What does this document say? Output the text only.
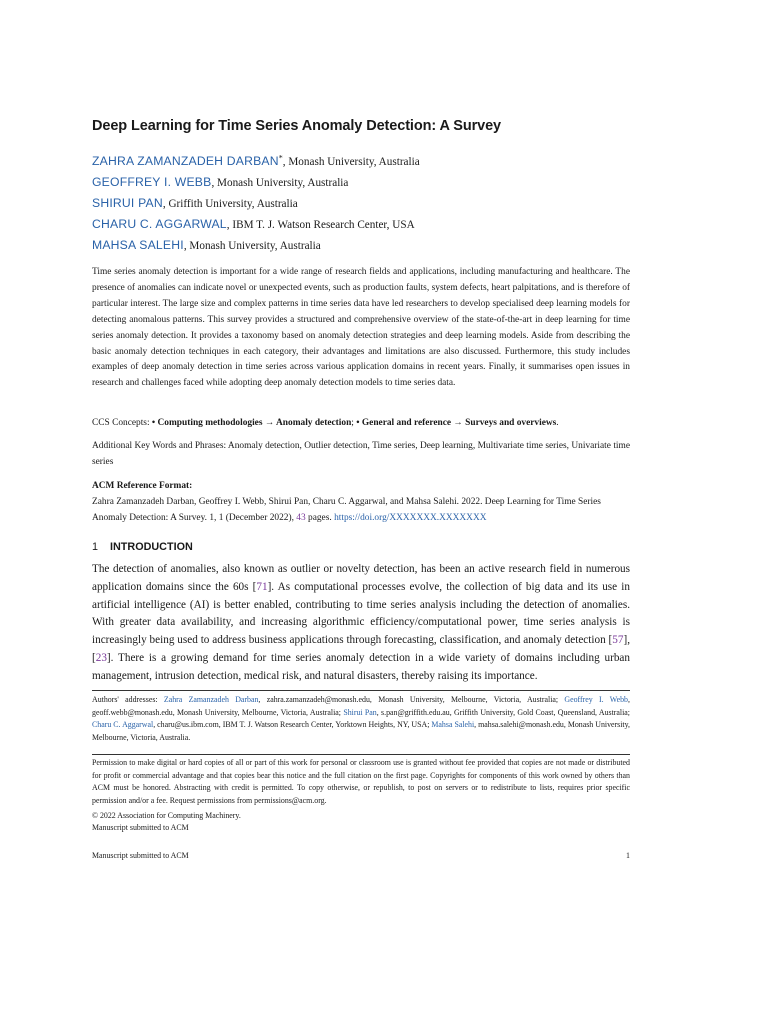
Deep Learning for Time Series Anomaly Detection: A Survey
ZAHRA ZAMANZADEH DARBAN*, Monash University, Australia
GEOFFREY I. WEBB, Monash University, Australia
SHIRUI PAN, Griffith University, Australia
CHARU C. AGGARWAL, IBM T. J. Watson Research Center, USA
MAHSA SALEHI, Monash University, Australia

Time series anomaly detection is important for a wide range of research fields and applications, including manufacturing and healthcare. The presence of anomalies can indicate novel or unexpected events, such as production faults, system defects, heart palpitations, and is therefore of particular interest. The large size and complex patterns in time series data have led researchers to develop specialised deep learning models for detecting anomalous patterns. This survey provides a structured and comprehensive overview of the state-of-the-art in deep learning for time series anomaly detection. It provides a taxonomy based on anomaly detection strategies and deep learning models. Aside from describing the basic anomaly detection techniques in each category, their advantages and limitations are also discussed. Furthermore, this study includes examples of deep anomaly detection in time series across various application domains in recent years. Finally, it summarises open issues in research and challenges faced while adopting deep anomaly detection models to time series data.

CCS Concepts: • Computing methodologies → Anomaly detection; • General and reference → Surveys and overviews.

Additional Key Words and Phrases: Anomaly detection, Outlier detection, Time series, Deep learning, Multivariate time series, Univariate time series

ACM Reference Format:
Zahra Zamanzadeh Darban, Geoffrey I. Webb, Shirui Pan, Charu C. Aggarwal, and Mahsa Salehi. 2022. Deep Learning for Time Series Anomaly Detection: A Survey. 1, 1 (December 2022), 43 pages. https://doi.org/XXXXXXX.XXXXXXX

1 INTRODUCTION

The detection of anomalies, also known as outlier or novelty detection, has been an active research field in numerous application domains since the 60s [71]. As computational processes evolve, the collection of big data and its use in artificial intelligence (AI) is better enabled, contributing to time series analysis including the detection of anomalies. With greater data availability, and increasing algorithmic efficiency/computational power, time series analysis is increasingly being used to address business applications through forecasting, classification, and anomaly detection [57], [23]. There is a growing demand for time series anomaly detection in a wide variety of domains including urban management, intrusion detection, medical risk, and natural disasters, thereby raising its importance.

Authors' addresses: Zahra Zamanzadeh Darban, zahra.zamanzadeh@monash.edu, Monash University, Melbourne, Victoria, Australia; Geoffrey I. Webb, geoff.webb@monash.edu, Monash University, Melbourne, Victoria, Australia; Shirui Pan, s.pan@griffith.edu.au, Griffith University, Gold Coast, Queensland, Australia; Charu C. Aggarwal, charu@us.ibm.com, IBM T. J. Watson Research Center, Yorktown Heights, NY, USA; Mahsa Salehi, mahsa.salehi@monash.edu, Monash University, Melbourne, Victoria, Australia.

Permission to make digital or hard copies of all or part of this work for personal or classroom use is granted without fee provided that copies are not made or distributed for profit or commercial advantage and that copies bear this notice and the full citation on the first page. Copyrights for components of this work owned by others than ACM must be honored. Abstracting with credit is permitted. To copy otherwise, or republish, to post on servers or to redistribute to lists, requires prior specific permission and/or a fee. Request permissions from permissions@acm.org.

© 2022 Association for Computing Machinery.

Manuscript submitted to ACM

Manuscript submitted to ACM	1
